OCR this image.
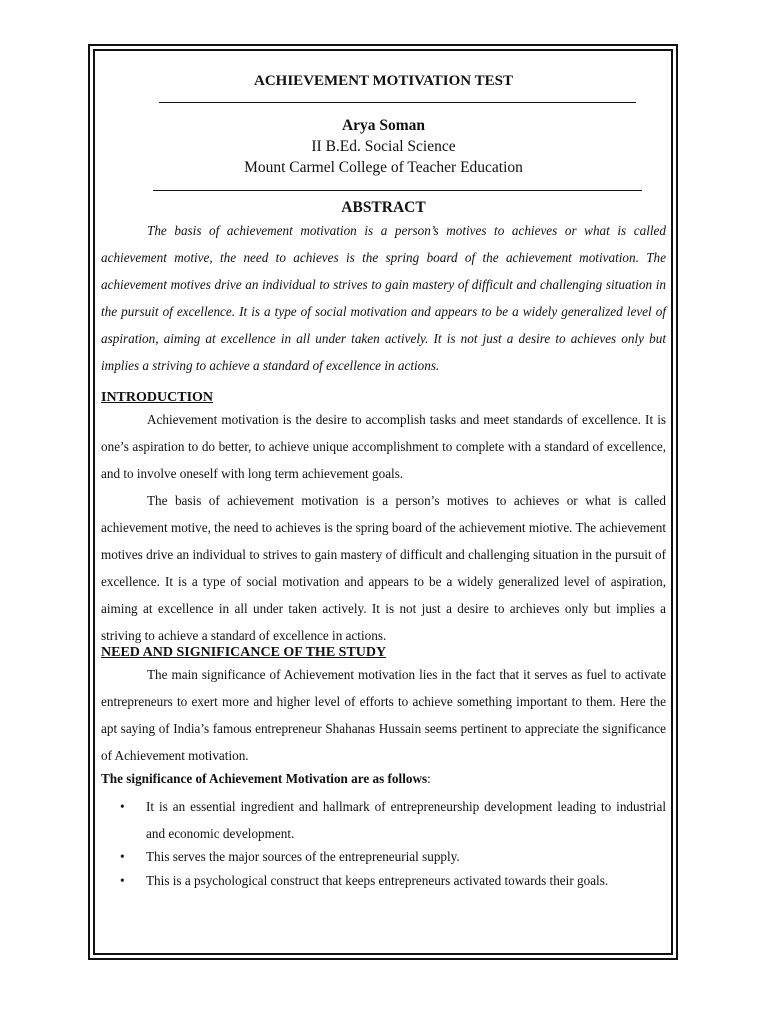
ACHIEVEMENT MOTIVATION TEST
Arya Soman
II B.Ed. Social Science
Mount Carmel College of Teacher Education
ABSTRACT

The basis of achievement motivation is a person’s motives to achieves or what is called achievement motive, the need to achieves is the spring board of the achievement motivation. The achievement motives drive an individual to strives to gain mastery of difficult and challenging situation in the pursuit of excellence. It is a type of social motivation and appears to be a widely generalized level of aspiration, aiming at excellence in all under taken actively. It is not just a desire to achieves only but implies a striving to achieve a standard of excellence in actions.

INTRODUCTION

Achievement motivation is the desire to accomplish tasks and meet standards of excellence. It is one’s aspiration to do better, to achieve unique accomplishment to complete with a standard of excellence, and to involve oneself with long term achievement goals.

The basis of achievement motivation is a person’s motives to achieves or what is called achievement motive, the need to achieves is the spring board of the achievement miotive. The achievement motives drive an individual to strives to gain mastery of difficult and challenging situation in the pursuit of excellence. It is a type of social motivation and appears to be a widely generalized level of aspiration, aiming at excellence in all under taken actively. It is not just a desire to archieves only but implies a striving to achieve a standard of excellence in actions.

NEED AND SIGNIFICANCE OF THE STUDY

The main significance of Achievement motivation lies in the fact that it serves as fuel to activate entrepreneurs to exert more and higher level of efforts to achieve something important to them. Here the apt saying of India’s famous entrepreneur Shahanas Hussain seems pertinent to appreciate the significance of Achievement motivation.

The significance of Achievement Motivation are as follows:
• It is an essential ingredient and hallmark of entrepreneurship development leading to industrial and economic development.
• This serves the major sources of the entrepreneurial supply.
• This is a psychological construct that keeps entrepreneurs activated towards their goals.
